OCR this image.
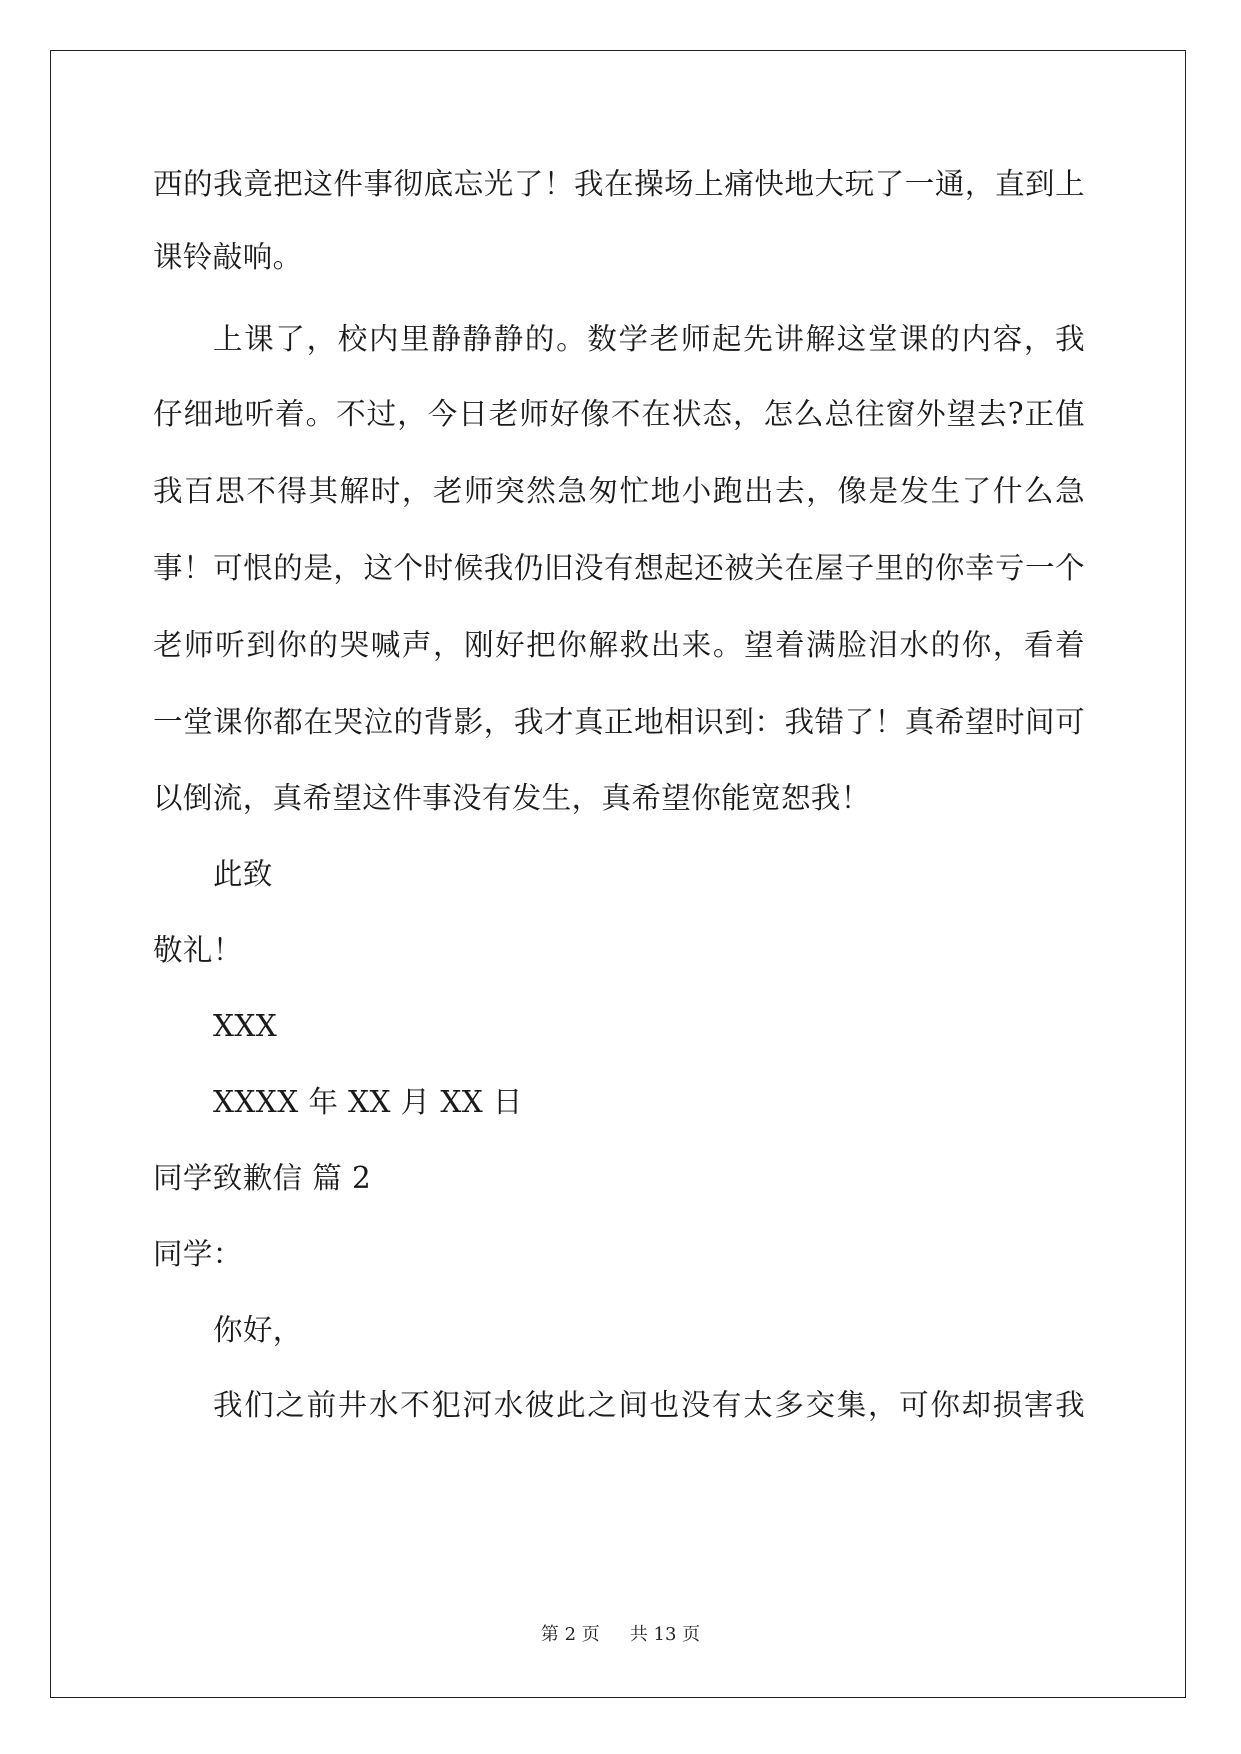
西的我竟把这件事彻底忘光了！我在操场上痛快地大玩了一通，直到上
课铃敲响。
上课了，校内里静静静的。数学老师起先讲解这堂课的内容，我
仔细地听着。不过，今日老师好像不在状态，怎么总往窗外望去?正值
我百思不得其解时，老师突然急匆忙地小跑出去，像是发生了什么急
事！可恨的是，这个时候我仍旧没有想起还被关在屋子里的你幸亏一个
老师听到你的哭喊声，刚好把你解救出来。望着满脸泪水的你，看着
一堂课你都在哭泣的背影，我才真正地相识到：我错了！真希望时间可
以倒流，真希望这件事没有发生，真希望你能宽恕我！
此致
敬礼！
XXX
XXXX 年 XX 月 XX 日
同学致歉信 篇 2
同学：
你好，
我们之前井水不犯河水彼此之间也没有太多交集，可你却损害我
第 2 页 共 13 页
